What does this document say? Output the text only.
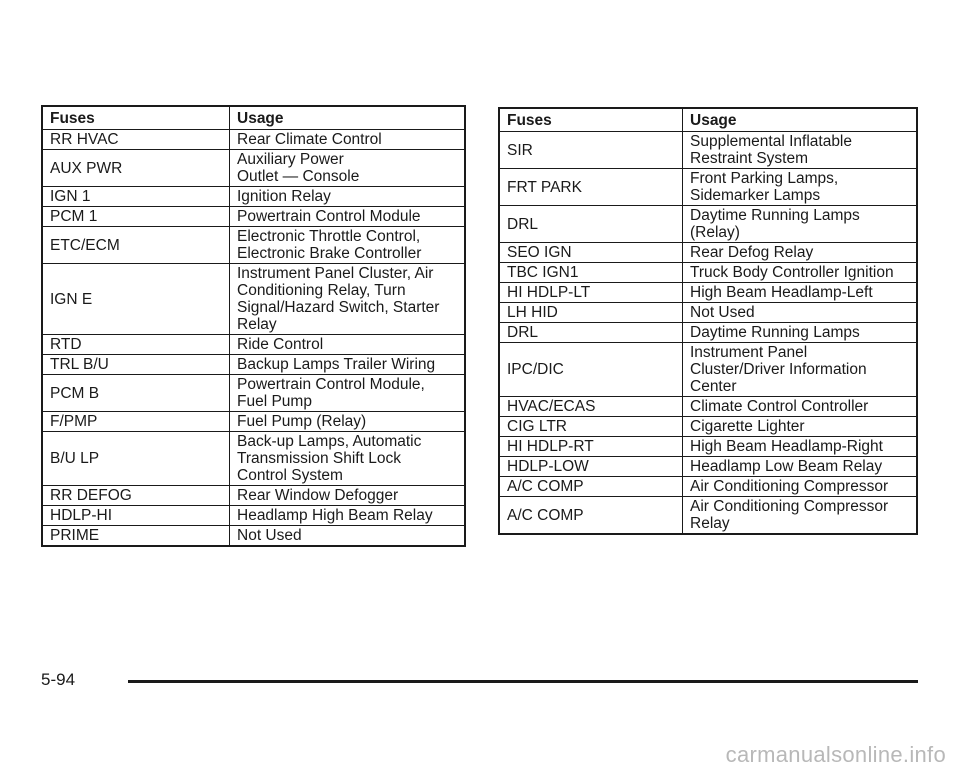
Fuses	Usage
RR HVAC	Rear Climate Control
AUX PWR	Auxiliary Power
Outlet — Console
IGN 1	Ignition Relay
PCM 1	Powertrain Control Module
ETC/ECM	Electronic Throttle Control,
Electronic Brake Controller
IGN E	Instrument Panel Cluster, Air
Conditioning Relay, Turn
Signal/Hazard Switch, Starter
Relay
RTD	Ride Control
TRL B/U	Backup Lamps Trailer Wiring
PCM B	Powertrain Control Module,
Fuel Pump
F/PMP	Fuel Pump (Relay)
B/U LP	Back-up Lamps, Automatic
Transmission Shift Lock
Control System
RR DEFOG	Rear Window Defogger
HDLP-HI	Headlamp High Beam Relay
PRIME	Not Used
Fuses	Usage
SIR	Supplemental Inflatable
Restraint System
FRT PARK	Front Parking Lamps,
Sidemarker Lamps
DRL	Daytime Running Lamps
(Relay)
SEO IGN	Rear Defog Relay
TBC IGN1	Truck Body Controller Ignition
HI HDLP-LT	High Beam Headlamp-Left
LH HID	Not Used
DRL	Daytime Running Lamps
IPC/DIC	Instrument Panel
Cluster/Driver Information
Center
HVAC/ECAS	Climate Control Controller
CIG LTR	Cigarette Lighter
HI HDLP-RT	High Beam Headlamp-Right
HDLP-LOW	Headlamp Low Beam Relay
A/C COMP	Air Conditioning Compressor
A/C COMP	Air Conditioning Compressor
Relay
5-94
carmanualsonline.info
